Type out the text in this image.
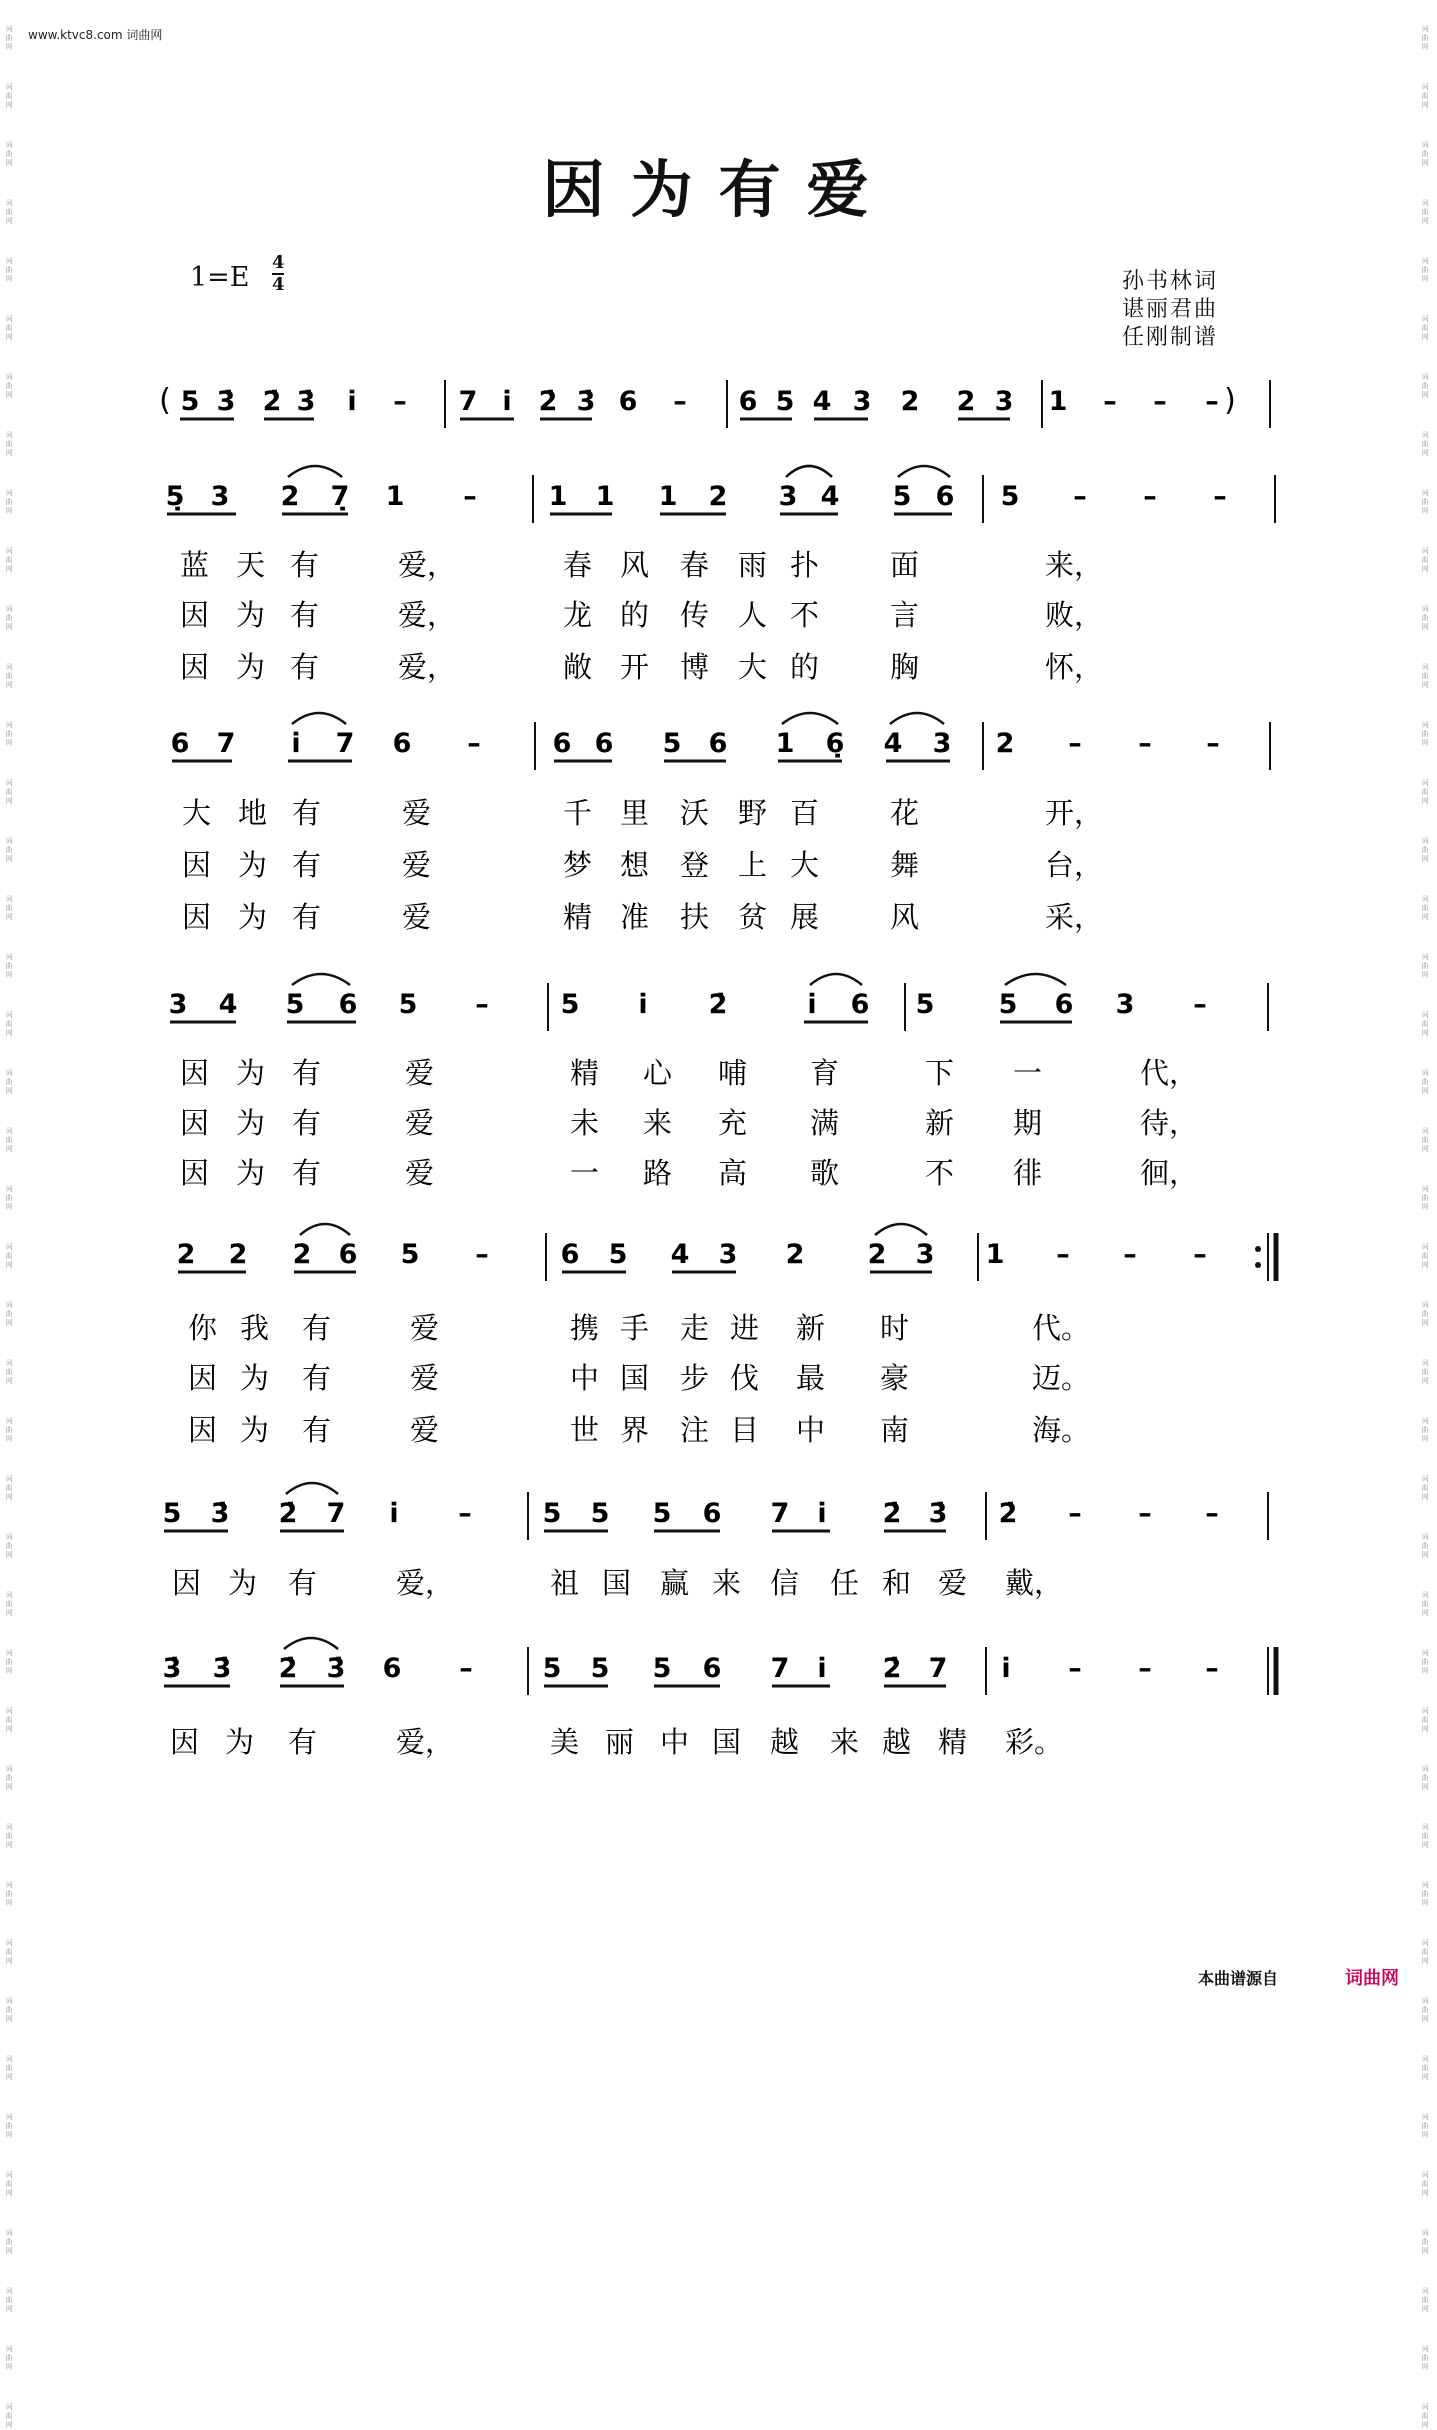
www.ktvc8.com 词曲网
词
曲
网
词
曲
网
词
曲
网
词
曲
网
词
曲
网
词
曲
网
词
曲
网
词
曲
网
词
曲
网
词
曲
网
词
曲
网
词
曲
网
词
曲
网
词
曲
网
词
曲
网
词
曲
网
词
曲
网
词
曲
网
词
曲
网
词
曲
网
词
曲
网
词
曲
网
词
曲
网
词
曲
网
词
曲
网
词
曲
网
词
曲
网
词
曲
网
词
曲
网
词
曲
网
词
曲
网
词
曲
网
词
曲
网
词
曲
网
词
曲
网
词
曲
网
词
曲
网
词
曲
网
词
曲
网
词
曲
网
词
曲
网
词
曲
网
词
曲
网
词
曲
网
词
曲
网
词
曲
网
词
曲
网
词
曲
网
词
曲
网
词
曲
网
词
曲
网
词
曲
网
词
曲
网
词
曲
网
词
曲
网
词
曲
网
词
曲
网
词
曲
网
词
曲
网
词
曲
网
词
曲
网
词
曲
网
词
曲
网
词
曲
网
词
曲
网
词
曲
网
词
曲
网
词
曲
网
词
曲
网
词
曲
网
词
曲
网
词
曲
网
词
曲
网
词
曲
网
词
曲
网
词
曲
网
词
曲
网
词
曲
网
词
曲
网
词
曲
网
词
曲
网
词
曲
网
词
曲
网
词
曲
网
因为有爱
1=E 4
4	孙书林词
谌丽君曲
任刚制谱
5 3̇ 2̇ 3̇ i̇ – 7 i̇ 2̇ 3̇ 6 – 6 5 4 3 2 2 3 1 – – –
(	)
5̣ 3 2 7̣ 1 –	1 1 1 2 3 4 5 6 5 – – –
蓝 天 有	爱，	春 风 春 雨 扑 面	来，
因 为 有	爱，	龙 的 传 人 不 言	败，
因 为 有	爱，	敞 开 博 大 的 胸	怀，
6 7 i̇ 7 6 –	6 6 5 6 1 6̣ 4 3 2 – – –
大 地 有	爱	千 里 沃 野 百 花	开，
因 为 有	爱	梦 想 登 上 大 舞	台，
因 为 有	爱	精 准 扶 贫 展 风	采，
3 4 5 6 5 –	5 i̇ 2̇	i̇ 6 5 5 6 3 –
因 为 有	爱	精 心 哺 育	下 一	代，
因 为 有	爱	未 来 充 满	新 期	待，
因 为 有	爱	一 路 高 歌	不 徘	徊，
2 2 2 6 5 –	6 5 4 3 2 2 3 1 – – –
你 我 有	爱	携 手 走 进 新 时	代。
因 为 有	爱	中 国 步 伐 最 豪	迈。
因 为 有	爱	世 界 注 目 中 南	海。
5 3̇ 2̇ 7 i̇ –	5 5 5 6 7 i̇ 2̇ 3̇ 2̇ – – –
因 为 有	爱，	祖 国 赢 来 信 任 和 爱 戴，
3̇ 3̇ 2̇ 3̇ 6 –	5 5 5 6 7 i̇ 2̇ 7 i̇ – – –
因 为 有	爱，	美 丽 中 国 越 来 越 精 彩。
本曲谱源自	词曲网
